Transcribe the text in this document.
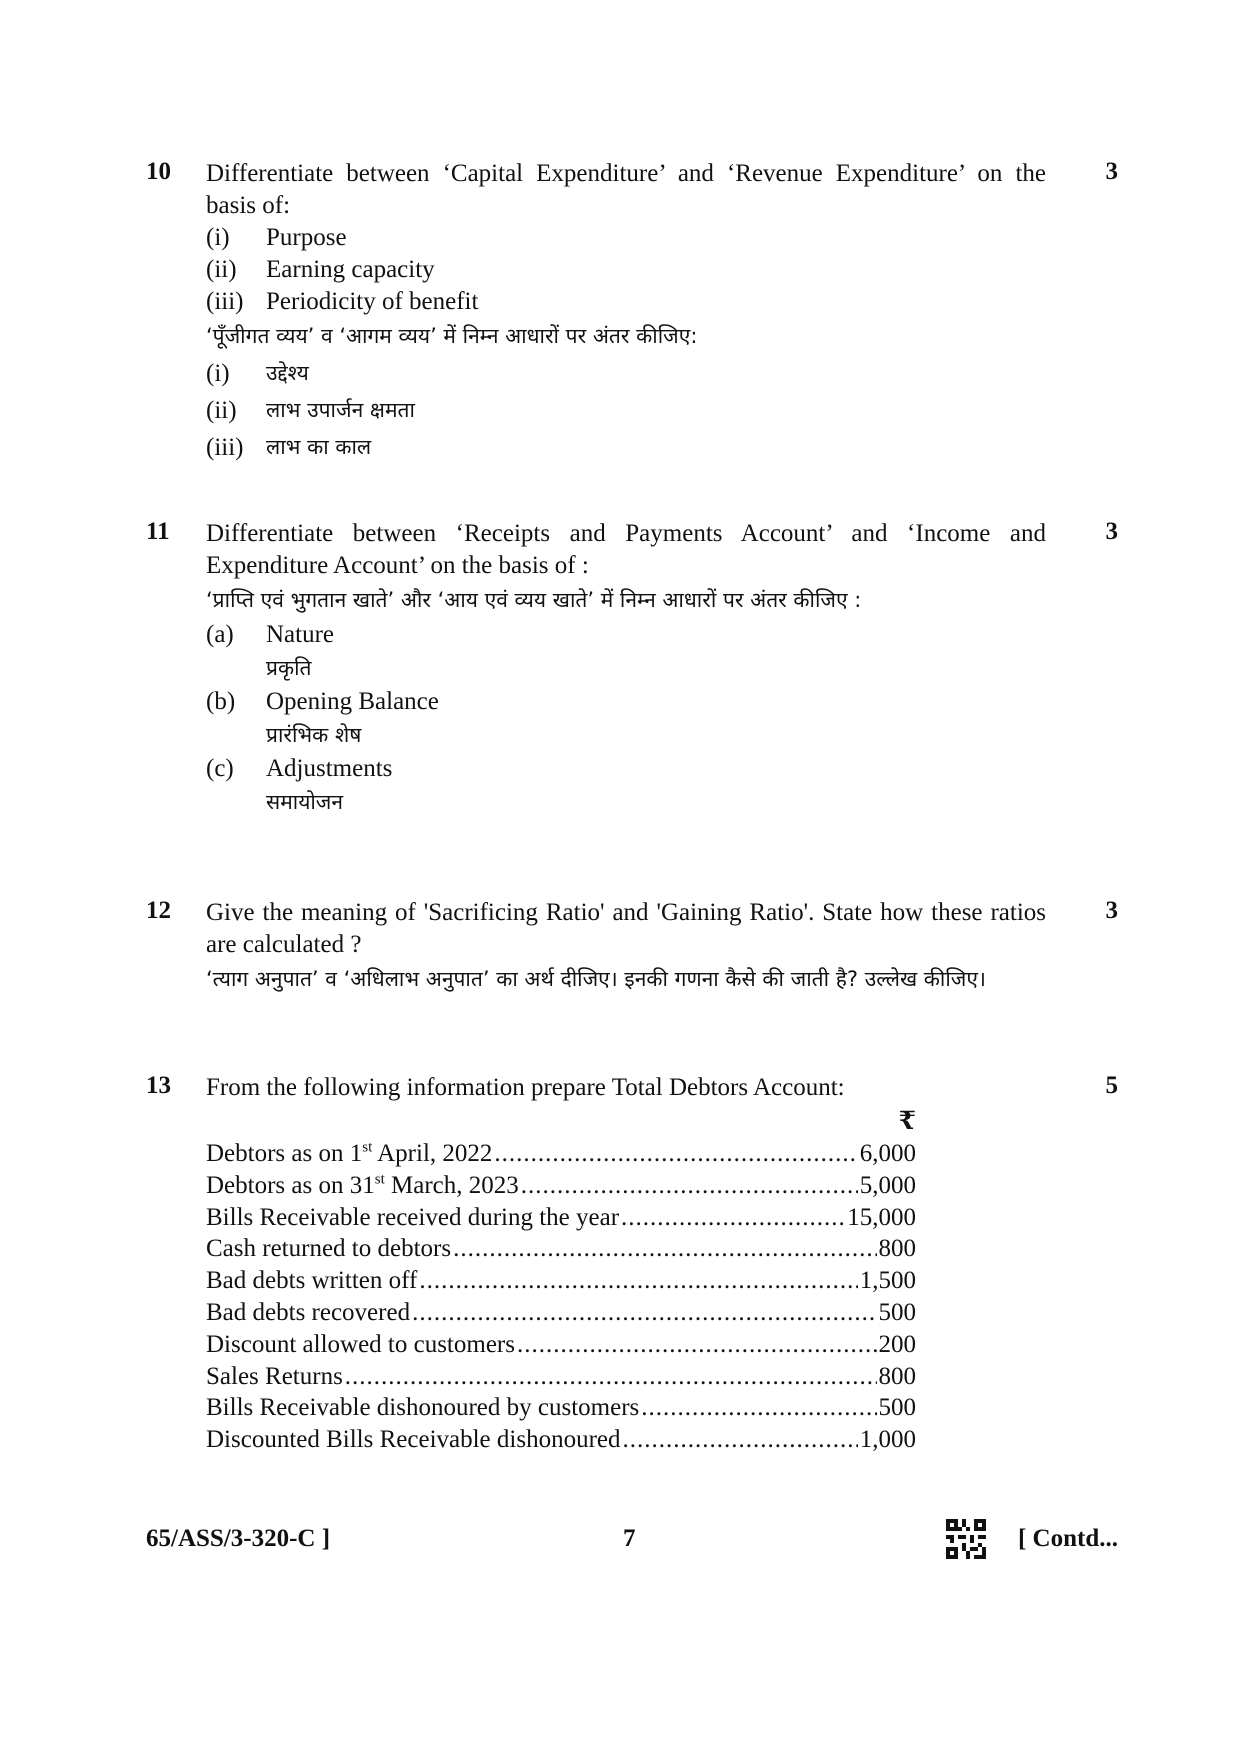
10	3
Differentiate between ‘Capital Expenditure’ and ‘Revenue Expenditure’ on the basis of:
(i) Purpose
(ii) Earning capacity
(iii) Periodicity of benefit
‘पूँजीगत व्यय’ व ‘आगम व्यय’ में निम्न आधारों पर अंतर कीजिए:
(i) उद्देश्य
(ii) लाभ उपार्जन क्षमता
(iii) लाभ का काल
11	3
Differentiate between ‘Receipts and Payments Account’ and ‘Income and Expenditure Account’ on the basis of :
‘प्राप्ति एवं भुगतान खाते’ और ‘आय एवं व्यय खाते’ में निम्न आधारों पर अंतर कीजिए :
(a) Nature
प्रकृति
(b) Opening Balance
प्रारंभिक शेष
(c) Adjustments
समायोजन
12	3
Give the meaning of 'Sacrificing Ratio' and 'Gaining Ratio'. State how these ratios are calculated ?
‘त्याग अनुपात’ व ‘अधिलाभ अनुपात’ का अर्थ दीजिए। इनकी गणना कैसे की जाती है? उल्लेख कीजिए।
13	5
From the following information prepare Total Debtors Account:
₹
Debtors as on 1st April, 2022 .....	6,000
Debtors as on 31st March, 2023 .....	5,000
Bills Receivable received during the year .....	15,000
Cash returned to debtors .....	800
Bad debts written off .....	1,500
Bad debts recovered .....	500
Discount allowed to customers .....	200
Sales Returns .....	800
Bills Receivable dishonoured by customers .....	500
Discounted Bills Receivable dishonoured .....	1,000
65/ASS/3-320-C ]	7	[ Contd...
